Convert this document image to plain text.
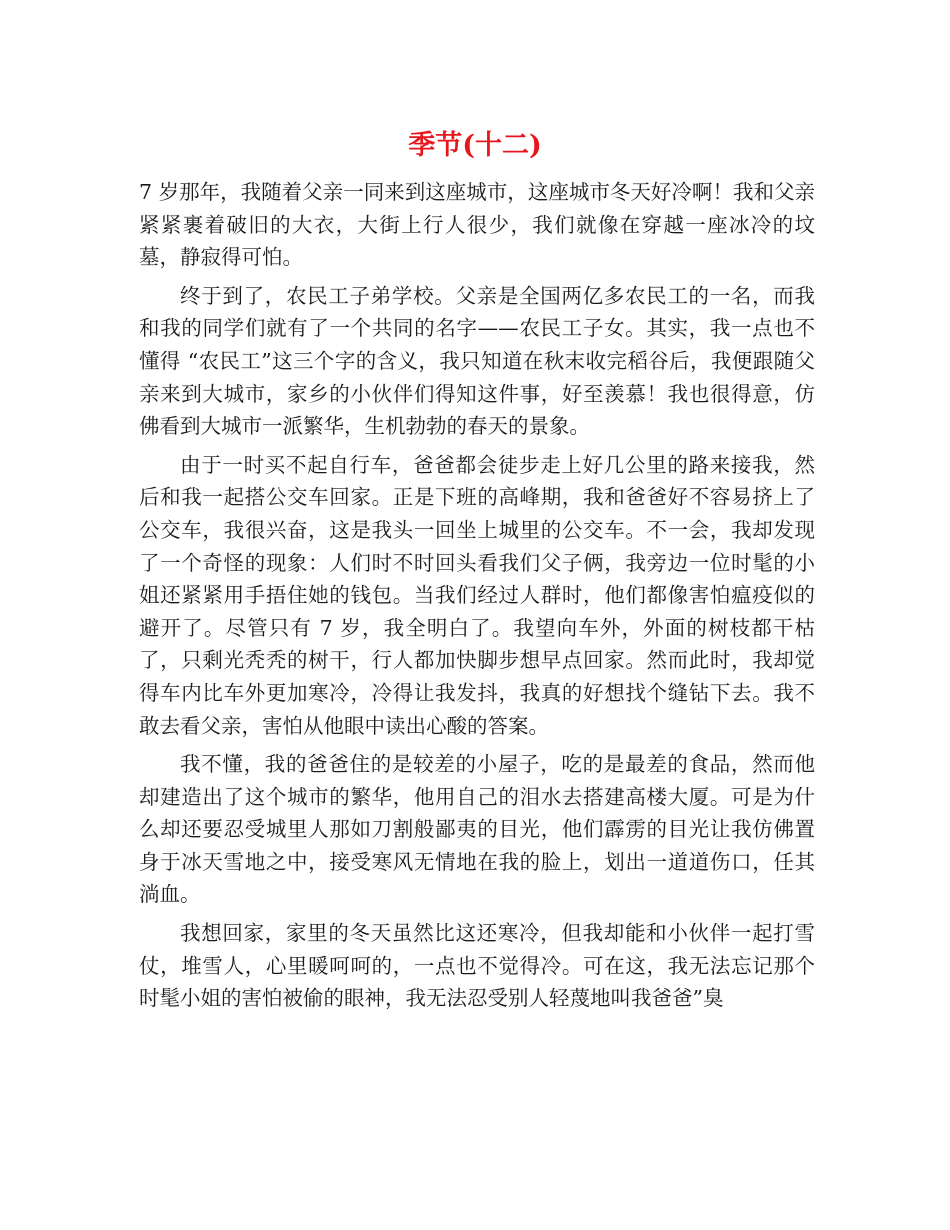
季节(十二)

7 岁那年，我随着父亲一同来到这座城市，这座城市冬天好冷啊！我和父亲紧紧裹着破旧的大衣，大街上行人很少，我们就像在穿越一座冰冷的坟墓，静寂得可怕。

终于到了，农民工子弟学校。父亲是全国两亿多农民工的一名，而我和我的同学们就有了一个共同的名字——农民工子女。其实，我一点也不懂得 “农民工”这三个字的含义，我只知道在秋末收完稻谷后，我便跟随父亲来到大城市，家乡的小伙伴们得知这件事，好至羡慕！我也很得意，仿佛看到大城市一派繁华，生机勃勃的春天的景象。

由于一时买不起自行车，爸爸都会徒步走上好几公里的路来接我，然后和我一起搭公交车回家。正是下班的高峰期，我和爸爸好不容易挤上了公交车，我很兴奋，这是我头一回坐上城里的公交车。不一会，我却发现了一个奇怪的现象：人们时不时回头看我们父子俩，我旁边一位时髦的小姐还紧紧用手捂住她的钱包。当我们经过人群时，他们都像害怕瘟疫似的避开了。尽管只有 7 岁，我全明白了。我望向车外，外面的树枝都干枯了，只剩光秃秃的树干，行人都加快脚步想早点回家。然而此时，我却觉得车内比车外更加寒冷，冷得让我发抖，我真的好想找个缝钻下去。我不敢去看父亲，害怕从他眼中读出心酸的答案。

我不懂，我的爸爸住的是较差的小屋子，吃的是最差的食品，然而他却建造出了这个城市的繁华，他用自己的泪水去搭建高楼大厦。可是为什么却还要忍受城里人那如刀割般鄙夷的目光，他们霹雳的目光让我仿佛置身于冰天雪地之中，接受寒风无情地在我的脸上，划出一道道伤口，任其淌血。

我想回家，家里的冬天虽然比这还寒冷，但我却能和小伙伴一起打雪仗，堆雪人，心里暖呵呵的，一点也不觉得冷。可在这，我无法忘记那个时髦小姐的害怕被偷的眼神，我无法忍受别人轻蔑地叫我爸爸”臭
